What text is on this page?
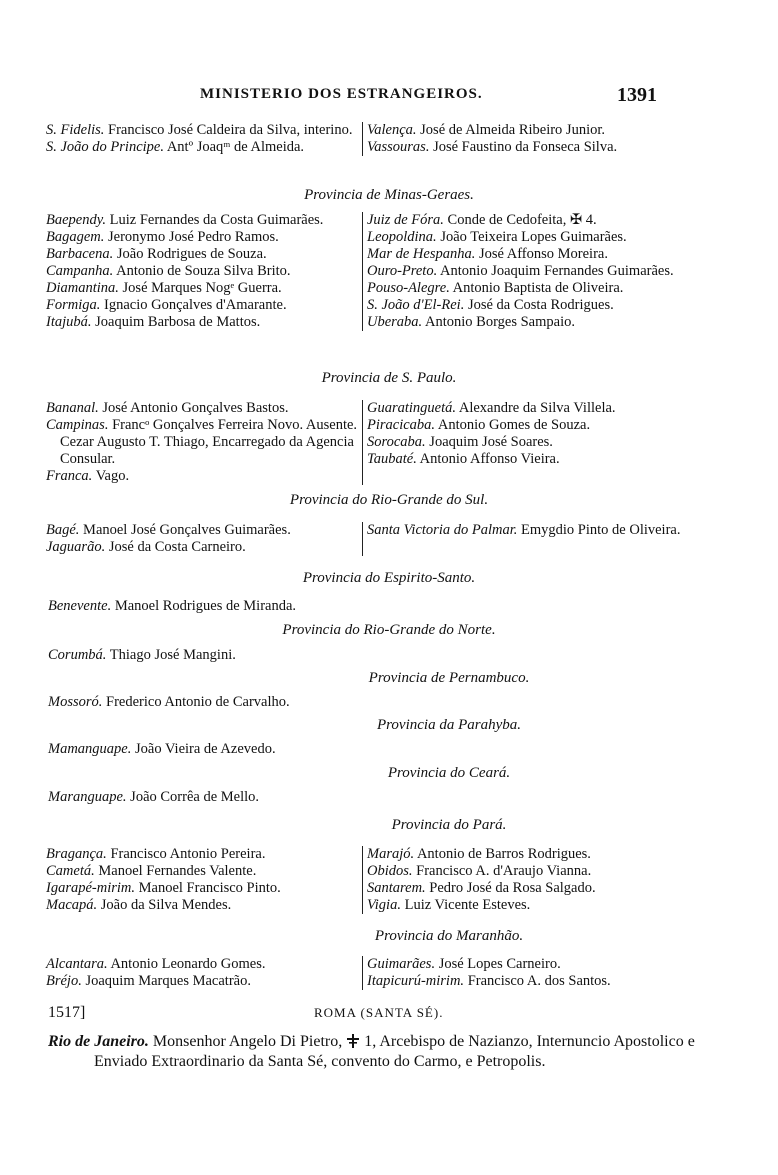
MINISTERIO DOS ESTRANGEIROS.	1391
S. Fidelis. Francisco José Caldeira da Silva, interino.
S. João do Principe. Antº Joaqᵐ de Almeida.
Valença. José de Almeida Ribeiro Junior.
Vassouras. José Faustino da Fonseca Silva.
Provincia de Minas-Geraes.
Baependy. Luiz Fernandes da Costa Guimarães.
Bagagem. Jeronymo José Pedro Ramos.
Barbacena. João Rodrigues de Souza.
Campanha. Antonio de Souza Silva Brito.
Diamantina. José Marques Nogᵉ Guerra.
Formiga. Ignacio Gonçalves d'Amarante.
Itajubá. Joaquim Barbosa de Mattos.
Juiz de Fóra. Conde de Cedofeita, ✠ 4.
Leopoldina. João Teixeira Lopes Guimarães.
Mar de Hespanha. José Affonso Moreira.
Ouro-Preto. Antonio Joaquim Fernandes Guimarães.
Pouso-Alegre. Antonio Baptista de Oliveira.
S. João d'El-Rei. José da Costa Rodrigues.
Uberaba. Antonio Borges Sampaio.
Provincia de S. Paulo.
Bananal. José Antonio Gonçalves Bastos.
Campinas. Francᵒ Gonçalves Ferreira Novo. Ausente. Cezar Augusto T. Thiago, Encarregado da Agencia Consular.
Franca. Vago.
Guaratinguetá. Alexandre da Silva Villela.
Piracicaba. Antonio Gomes de Souza.
Sorocaba. Joaquim José Soares.
Taubaté. Antonio Affonso Vieira.
Provincia do Rio-Grande do Sul.
Bagé. Manoel José Gonçalves Guimarães.
Jaguarão. José da Costa Carneiro.
Santa Victoria do Palmar. Emygdio Pinto de Oliveira.
Provincia do Espirito-Santo.
Benevente. Manoel Rodrigues de Miranda.
Provincia do Rio-Grande do Norte.
Corumbá. Thiago José Mangini.
Provincia de Pernambuco.
Mossoró. Frederico Antonio de Carvalho.
Provincia da Parahyba.
Mamanguape. João Vieira de Azevedo.
Provincia do Ceará.
Maranguape. João Corrêa de Mello.
Provincia do Pará.
Bragança. Francisco Antonio Pereira.
Cametá. Manoel Fernandes Valente.
Igarapé-mirim. Manoel Francisco Pinto.
Macapá. João da Silva Mendes.
Marajó. Antonio de Barros Rodrigues.
Obidos. Francisco A. d'Araujo Vianna.
Santarem. Pedro José da Rosa Salgado.
Vigia. Luiz Vicente Esteves.
Provincia do Maranhão.
Alcantara. Antonio Leonardo Gomes.
Bréjo. Joaquim Marques Macatrão.
Guimarães. José Lopes Carneiro.
Itapicurú-mirim. Francisco A. dos Santos.
1517]	ROMA (SANTA SÉ).
Rio de Janeiro. Monsenhor Angelo Di Pietro, 1, Arcebispo de Nazianzo, Internuncio Apostolico e Enviado Extraordinario da Santa Sé, convento do Carmo, e Petropolis.
